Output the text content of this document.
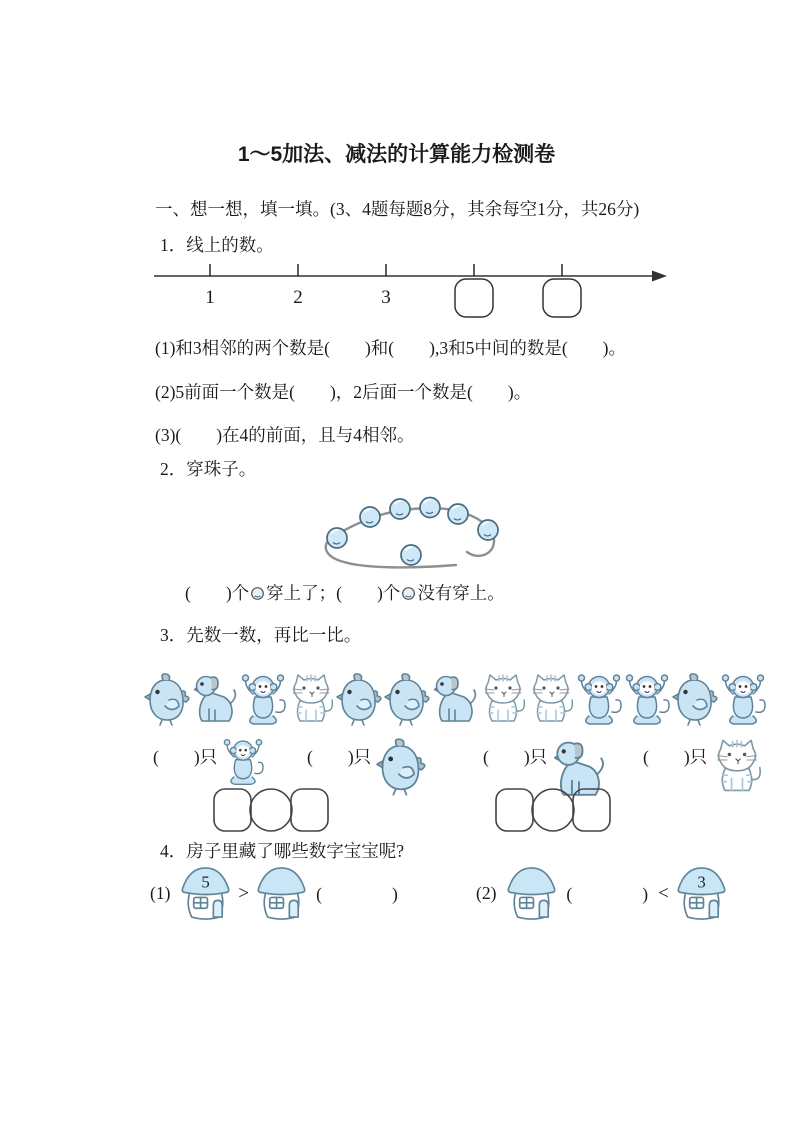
1～5加法、减法的计算能力检测卷
一、想一想，填一填。(3、4题每题8分，其余每空1分，共26分)
1．线上的数。
1	2	3
(1)和3相邻的两个数是(　　)和(　　),3和5中间的数是(　　)。
(2)5前面一个数是(　　)，2后面一个数是(　　)。
(3)(　　)在4的前面，且与4相邻。
2．穿珠子。
(　　)个 穿上了；(　　)个 没有穿上。
3．先数一数，再比一比。
(　　)只	(　　)只	(　　)只	(　　)只
4．房子里藏了哪些数字宝宝呢?
(1)
5
>	(　　　　)	(2)	(　　　　) <
3
